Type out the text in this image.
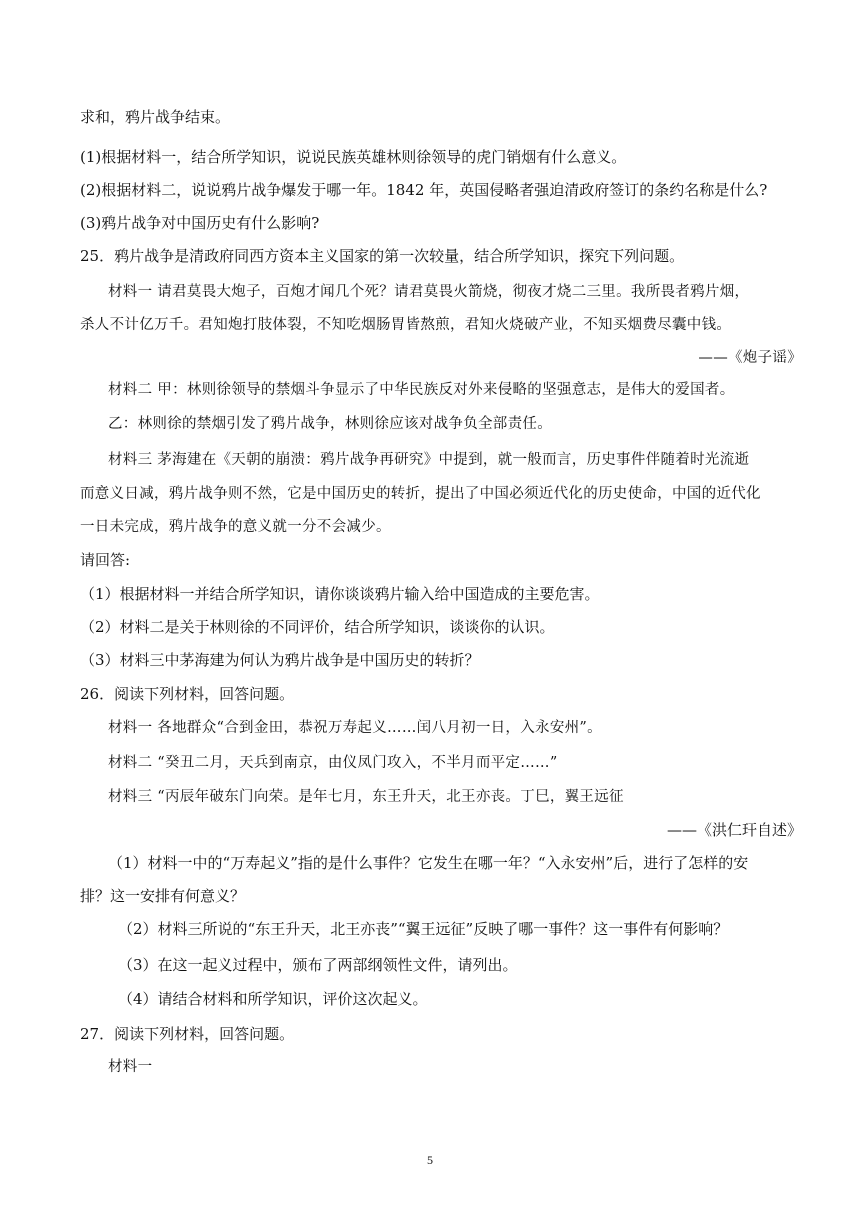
求和，鸦片战争结束。
(1)根据材料一，结合所学知识，说说民族英雄林则徐领导的虎门销烟有什么意义。
(2)根据材料二，说说鸦片战争爆发于哪一年。1842 年，英国侵略者强迫清政府签订的条约名称是什么?
(3)鸦片战争对中国历史有什么影响?
25．鸦片战争是清政府同西方资本主义国家的第一次较量，结合所学知识，探究下列问题。
材料一 请君莫畏大炮子，百炮才闻几个死？请君莫畏火箭烧，彻夜才烧二三里。我所畏者鸦片烟，
杀人不计亿万千。君知炮打肢体裂，不知吃烟肠胃皆熬煎，君知火烧破产业，不知买烟费尽囊中钱。
——《炮子谣》
材料二 甲：林则徐领导的禁烟斗争显示了中华民族反对外来侵略的坚强意志，是伟大的爱国者。
乙：林则徐的禁烟引发了鸦片战争，林则徐应该对战争负全部责任。
材料三 茅海建在《天朝的崩溃：鸦片战争再研究》中提到，就一般而言，历史事件伴随着时光流逝
而意义日减，鸦片战争则不然，它是中国历史的转折，提出了中国必须近代化的历史使命，中国的近代化
一日未完成，鸦片战争的意义就一分不会减少。
请回答:
（1）根据材料一并结合所学知识，请你谈谈鸦片输入给中国造成的主要危害。
（2）材料二是关于林则徐的不同评价，结合所学知识，谈谈你的认识。
（3）材料三中茅海建为何认为鸦片战争是中国历史的转折？
26．阅读下列材料，回答问题。
材料一 各地群众“合到金田，恭祝万寿起义……闰八月初一日，入永安州”。
材料二 “癸丑二月，天兵到南京，由仪凤门攻入，不半月而平定……”
材料三 “丙辰年破东门向荣。是年七月，东王升天，北王亦丧。丁巳，翼王远征
——《洪仁玕自述》
（1）材料一中的“万寿起义”指的是什么事件？它发生在哪一年？“入永安州”后，进行了怎样的安
排？这一安排有何意义？
（2）材料三所说的“东王升天，北王亦丧”“翼王远征”反映了哪一事件？这一事件有何影响？
（3）在这一起义过程中，颁布了两部纲领性文件，请列出。
（4）请结合材料和所学知识，评价这次起义。
27．阅读下列材料，回答问题。
材料一
5
